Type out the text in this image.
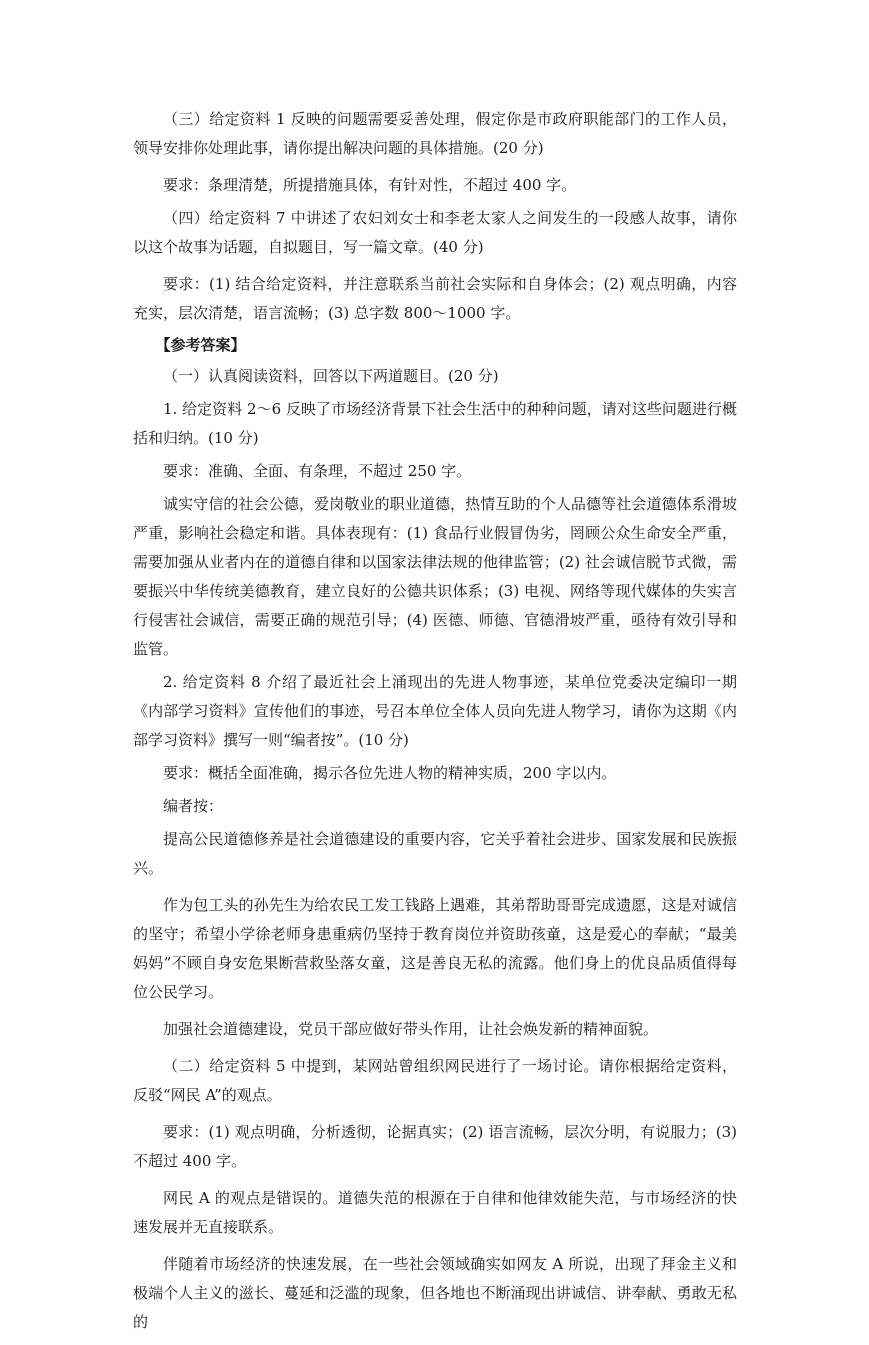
（三）给定资料 1 反映的问题需要妥善处理，假定你是市政府职能部门的工作人员，领导安排你处理此事，请你提出解决问题的具体措施。(20 分)

要求：条理清楚，所提措施具体，有针对性，不超过 400 字。

（四）给定资料 7 中讲述了农妇刘女士和李老太家人之间发生的一段感人故事，请你以这个故事为话题，自拟题目，写一篇文章。(40 分)

要求：(1) 结合给定资料，并注意联系当前社会实际和自身体会；(2) 观点明确，内容充实，层次清楚，语言流畅；(3) 总字数 800～1000 字。

【参考答案】

（一）认真阅读资料，回答以下两道题目。(20 分)

1. 给定资料 2～6 反映了市场经济背景下社会生活中的种种问题，请对这些问题进行概括和归纳。(10 分)

要求：准确、全面、有条理，不超过 250 字。

诚实守信的社会公德，爱岗敬业的职业道德，热情互助的个人品德等社会道德体系滑坡严重，影响社会稳定和谐。具体表现有：(1) 食品行业假冒伪劣，罔顾公众生命安全严重，需要加强从业者内在的道德自律和以国家法律法规的他律监管；(2) 社会诚信脱节式微，需要振兴中华传统美德教育，建立良好的公德共识体系；(3) 电视、网络等现代媒体的失实言行侵害社会诚信，需要正确的规范引导；(4) 医德、师德、官德滑坡严重，亟待有效引导和监管。

2. 给定资料 8 介绍了最近社会上涌现出的先进人物事迹，某单位党委决定编印一期《内部学习资料》宣传他们的事迹，号召本单位全体人员向先进人物学习，请你为这期《内部学习资料》撰写一则“编者按”。(10 分)

要求：概括全面准确，揭示各位先进人物的精神实质，200 字以内。

编者按：

提高公民道德修养是社会道德建设的重要内容，它关乎着社会进步、国家发展和民族振兴。

作为包工头的孙先生为给农民工发工钱路上遇难，其弟帮助哥哥完成遗愿，这是对诚信的坚守；希望小学徐老师身患重病仍坚持于教育岗位并资助孩童，这是爱心的奉献；“最美妈妈”不顾自身安危果断营救坠落女童，这是善良无私的流露。他们身上的优良品质值得每位公民学习。

加强社会道德建设，党员干部应做好带头作用，让社会焕发新的精神面貌。

（二）给定资料 5 中提到，某网站曾组织网民进行了一场讨论。请你根据给定资料，反驳“网民 A”的观点。

要求：(1) 观点明确，分析透彻，论据真实；(2) 语言流畅，层次分明，有说服力；(3) 不超过 400 字。

网民 A 的观点是错误的。道德失范的根源在于自律和他律效能失范，与市场经济的快速发展并无直接联系。

伴随着市场经济的快速发展，在一些社会领域确实如网友 A 所说，出现了拜金主义和极端个人主义的滋长、蔓延和泛滥的现象，但各地也不断涌现出讲诚信、讲奉献、勇敢无私的
